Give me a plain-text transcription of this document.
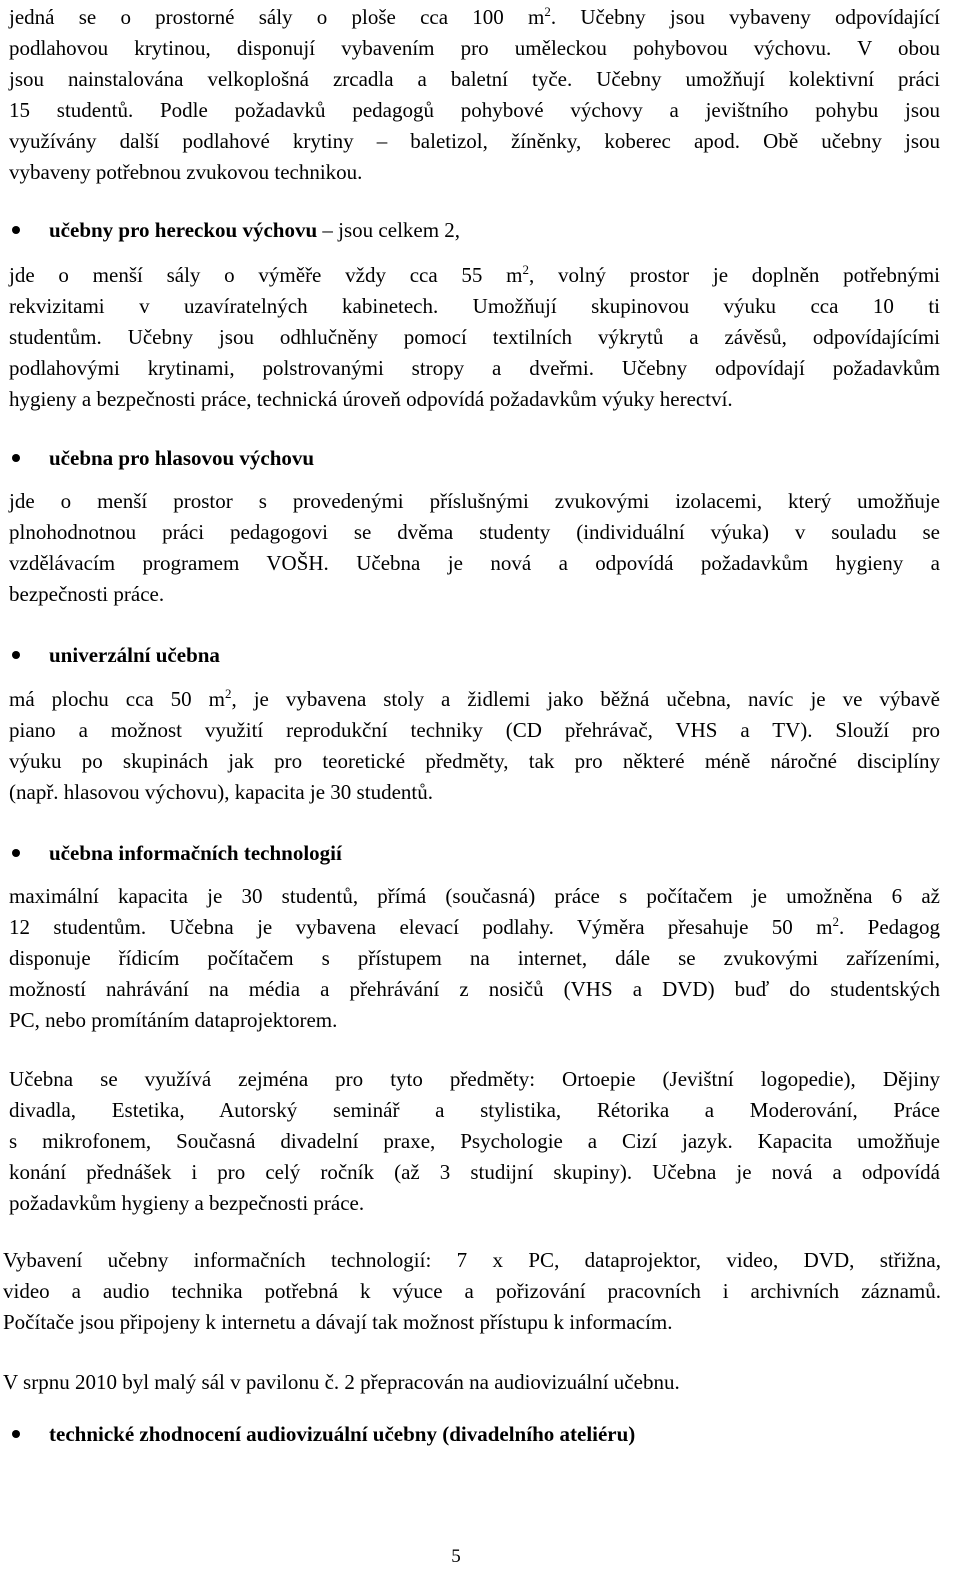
jedná se o prostorné sály o ploše cca 100 $m^2$. Učebny jsou vybaveny odpovídající
podlahovou krytinou, disponují vybavením pro uměleckou pohybovou výchovu. V obou
jsou nainstalována velkoplošná zrcadla a baletní tyče. Učebny umožňují kolektivní práci
15 studentů. Podle požadavků pedagogů pohybové výchovy a jevištního pohybu jsou
využívány další podlahové krytiny – baletizol, žíněnky, koberec apod. Obě učebny jsou
vybaveny potřebnou zvukovou technikou.
učebny pro hereckou výchovu – jsou celkem 2,
jde o menší sály o výměře vždy cca 55 $m^2$, volný prostor je doplněn potřebnými
rekvizitami v uzavíratelných kabinetech. Umožňují skupinovou výuku cca 10 ti
studentům. Učebny jsou odhlučněny pomocí textilních výkrytů a závěsů, odpovídajícími
podlahovými krytinami, polstrovanými stropy a dveřmi. Učebny odpovídají požadavkům
hygieny a bezpečnosti práce, technická úroveň odpovídá požadavkům výuky herectví.
učebna pro hlasovou výchovu
jde o menší prostor s provedenými příslušnými zvukovými izolacemi, který umožňuje
plnohodnotnou práci pedagogovi se dvěma studenty (individuální výuka) v souladu se
vzdělávacím programem VOŠH. Učebna je nová a odpovídá požadavkům hygieny a
bezpečnosti práce.
univerzální učebna
má plochu cca 50 $m^2$, je vybavena stoly a židlemi jako běžná učebna, navíc je ve výbavě
piano a možnost využití reprodukční techniky (CD přehrávač, VHS a TV). Slouží pro
výuku po skupinách jak pro teoretické předměty, tak pro některé méně náročné disciplíny
(např. hlasovou výchovu), kapacita je 30 studentů.
učebna informačních technologií
maximální kapacita je 30 studentů, přímá (současná) práce s počítačem je umožněna 6 až
12 studentům. Učebna je vybavena elevací podlahy. Výměra přesahuje 50 $m^2$. Pedagog
disponuje řídicím počítačem s přístupem na internet, dále se zvukovými zařízeními,
možností nahrávání na média a přehrávání z nosičů (VHS a DVD) buď do studentských
PC, nebo promítáním dataprojektorem.
Učebna se využívá zejména pro tyto předměty: Ortoepie (Jevištní logopedie), Dějiny
divadla, Estetika, Autorský seminář a stylistika, Rétorika a Moderování, Práce
s mikrofonem, Současná divadelní praxe, Psychologie a Cizí jazyk. Kapacita umožňuje
konání přednášek i pro celý ročník (až 3 studijní skupiny). Učebna je nová a odpovídá
požadavkům hygieny a bezpečnosti práce.
Vybavení učebny informačních technologií: 7 x PC, dataprojektor, video, DVD, střižna,
video a audio technika potřebná k výuce a pořizování pracovních i archivních záznamů.
Počítače jsou připojeny k internetu a dávají tak možnost přístupu k informacím.
V srpnu 2010 byl malý sál v pavilonu č. 2 přepracován na audiovizuální učebnu.
technické zhodnocení audiovizuální učebny (divadelního ateliéru)
5
